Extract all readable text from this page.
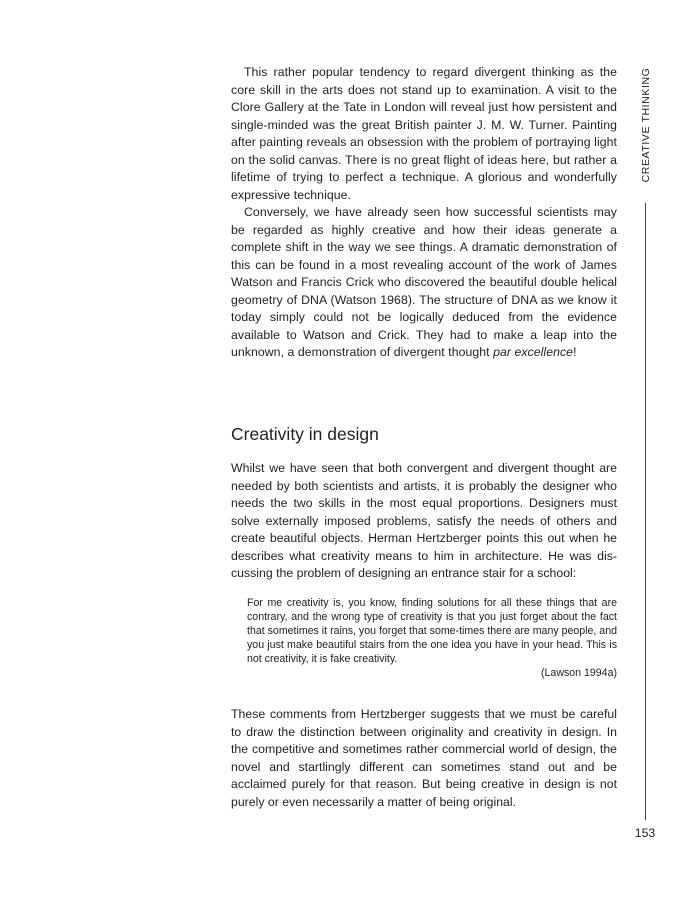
This rather popular tendency to regard divergent thinking as the core skill in the arts does not stand up to examination. A visit to the Clore Gallery at the Tate in London will reveal just how persistent and single-minded was the great British painter J. M. W. Turner. Painting after painting reveals an obsession with the problem of portraying light on the solid canvas. There is no great flight of ideas here, but rather a lifetime of trying to perfect a technique. A glorious and wonderfully expressive technique.

Conversely, we have already seen how successful scientists may be regarded as highly creative and how their ideas generate a complete shift in the way we see things. A dramatic demonstration of this can be found in a most revealing account of the work of James Watson and Francis Crick who discovered the beautiful double helical geometry of DNA (Watson 1968). The structure of DNA as we know it today simply could not be logically deduced from the evidence available to Watson and Crick. They had to make a leap into the unknown, a demonstration of divergent thought par excellence!

Creativity in design

Whilst we have seen that both convergent and divergent thought are needed by both scientists and artists, it is probably the designer who needs the two skills in the most equal proportions. Designers must solve externally imposed problems, satisfy the needs of others and create beautiful objects. Herman Hertzberger points this out when he describes what creativity means to him in architecture. He was dis-cussing the problem of designing an entrance stair for a school:

For me creativity is, you know, finding solutions for all these things that are contrary, and the wrong type of creativity is that you just forget about the fact that sometimes it rains, you forget that some-times there are many people, and you just make beautiful stairs from the one idea you have in your head. This is not creativity, it is fake creativity.

(Lawson 1994a)

These comments from Hertzberger suggests that we must be careful to draw the distinction between originality and creativity in design. In the competitive and sometimes rather commercial world of design, the novel and startlingly different can sometimes stand out and be acclaimed purely for that reason. But being creative in design is not purely or even necessarily a matter of being original.

CREATIVE THINKING
153
